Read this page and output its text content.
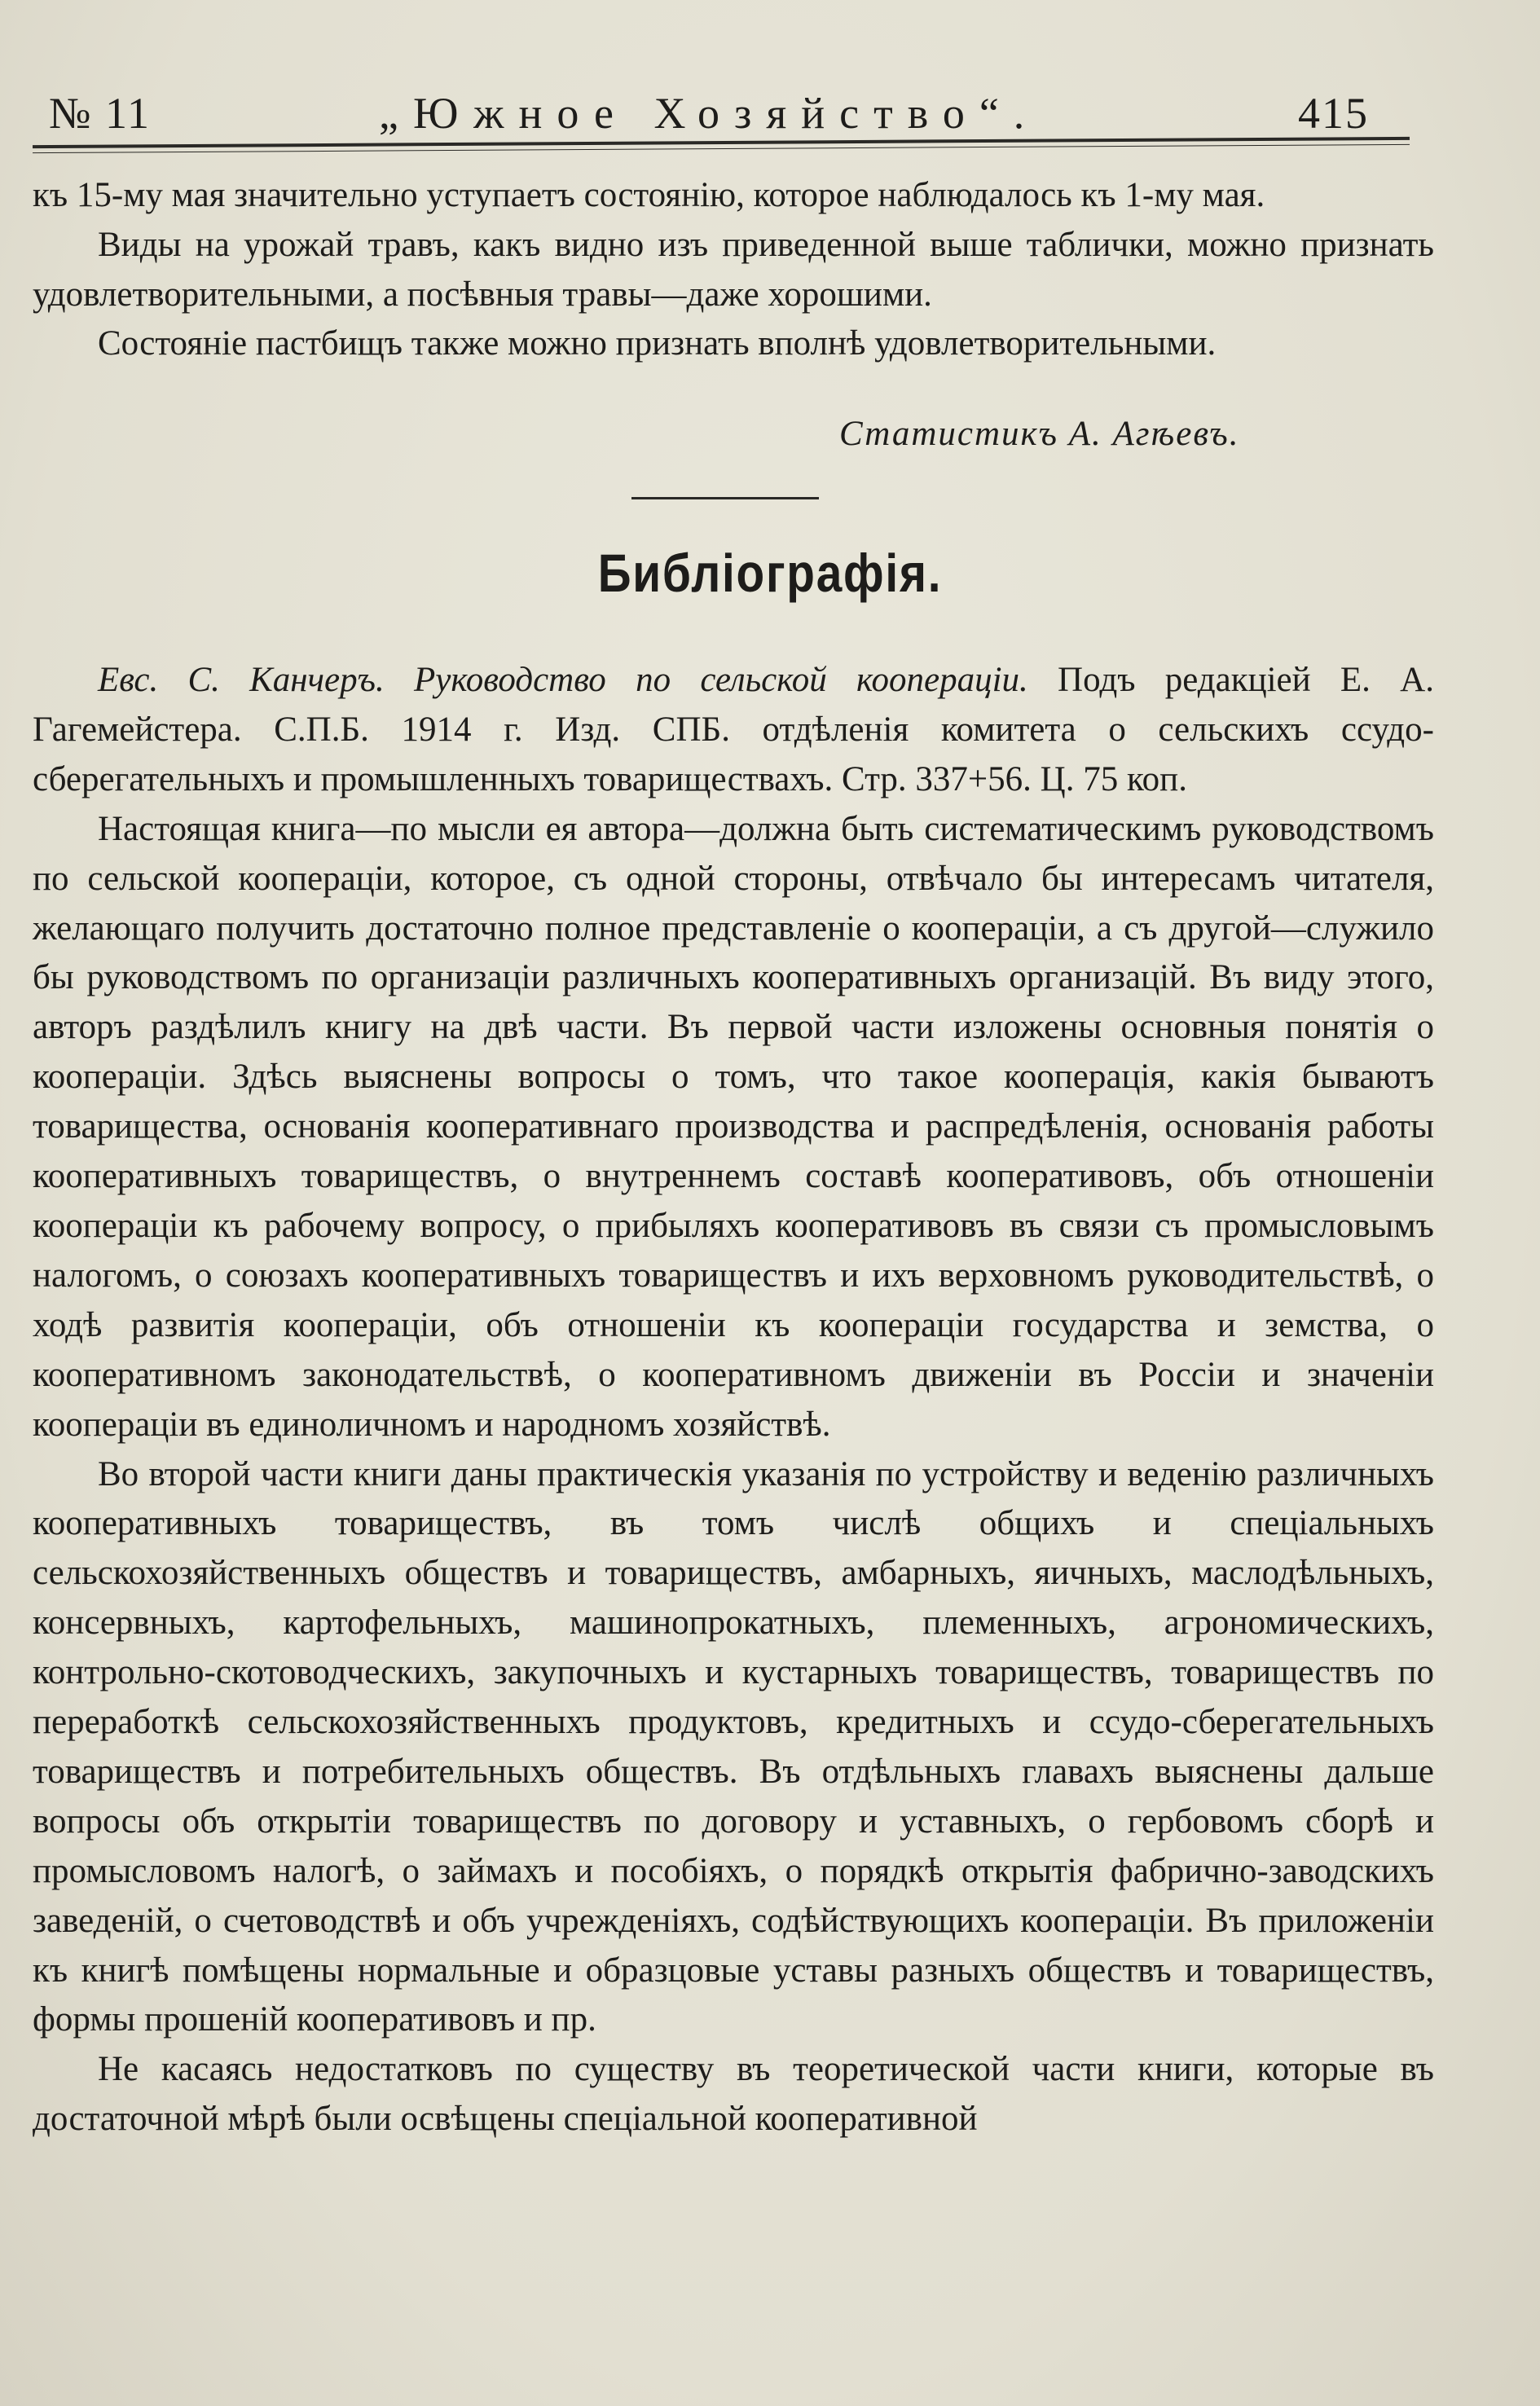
№ 11	„Южное Хозяйство“.	415

къ 15-му мая значительно уступаетъ состоянію, которое наблюдалось къ 1-му мая.

Виды на урожай травъ, какъ видно изъ приведенной выше таблички, можно признать удовлетворительными, а посѣвныя травы—даже хорошими.

Состояніе пастбищъ также можно признать вполнѣ удовлетворительными.

Статистикъ А. Агѣевъ.
Библіографія.

Евс. С. Канчеръ. Руководство по сельской коопераціи. Подъ редакціей Е. А. Гагемейстера. С.П.Б. 1914 г. Изд. СПБ. отдѣленія комитета о сельскихъ ссудо-сберегательныхъ и промышленныхъ товариществахъ. Стр. 337+56. Ц. 75 коп.

Настоящая книга—по мысли ея автора—должна быть систематическимъ руководствомъ по сельской коопераціи, которое, съ одной стороны, отвѣчало бы интересамъ читателя, желающаго получить достаточно полное представленіе о коопераціи, а съ другой—служило бы руководствомъ по организаціи различныхъ кооперативныхъ организацій. Въ виду этого, авторъ раздѣлилъ книгу на двѣ части. Въ первой части изложены основныя понятія о коопераціи. Здѣсь выяснены вопросы о томъ, что такое кооперація, какія бываютъ товарищества, основанія кооперативнаго производства и распредѣленія, основанія работы кооперативныхъ товариществъ, о внутреннемъ составѣ кооперативовъ, объ отношеніи коопераціи къ рабочему вопросу, о прибыляхъ кооперативовъ въ связи съ промысловымъ налогомъ, о союзахъ кооперативныхъ товариществъ и ихъ верховномъ руководительствѣ, о ходѣ развитія коопераціи, объ отношеніи къ коопераціи государства и земства, о кооперативномъ законодательствѣ, о кооперативномъ движеніи въ Россіи и значеніи коопераціи въ единоличномъ и народномъ хозяйствѣ.

Во второй части книги даны практическія указанія по устройству и веденію различныхъ кооперативныхъ товариществъ, въ томъ числѣ общихъ и спеціальныхъ сельскохозяйственныхъ обществъ и товариществъ, амбарныхъ, яичныхъ, маслодѣльныхъ, консервныхъ, картофельныхъ, машинопрокатныхъ, племенныхъ, агрономическихъ, контрольно-скотоводческихъ, закупочныхъ и кустарныхъ товариществъ, товариществъ по переработкѣ сельскохозяйственныхъ продуктовъ, кредитныхъ и ссудо-сберегательныхъ товариществъ и потребительныхъ обществъ. Въ отдѣльныхъ главахъ выяснены дальше вопросы объ открытіи товариществъ по договору и уставныхъ, о гербовомъ сборѣ и промысловомъ налогѣ, о займахъ и пособіяхъ, о порядкѣ открытія фабрично-заводскихъ заведеній, о счетоводствѣ и объ учрежденіяхъ, содѣйствующихъ коопераціи. Въ приложеніи къ книгѣ помѣщены нормальные и образцовые уставы разныхъ обществъ и товариществъ, формы прошеній кооперативовъ и пр.

Не касаясь недостатковъ по существу въ теоретической части книги, которые въ достаточной мѣрѣ были освѣщены спеціальной кооперативной
